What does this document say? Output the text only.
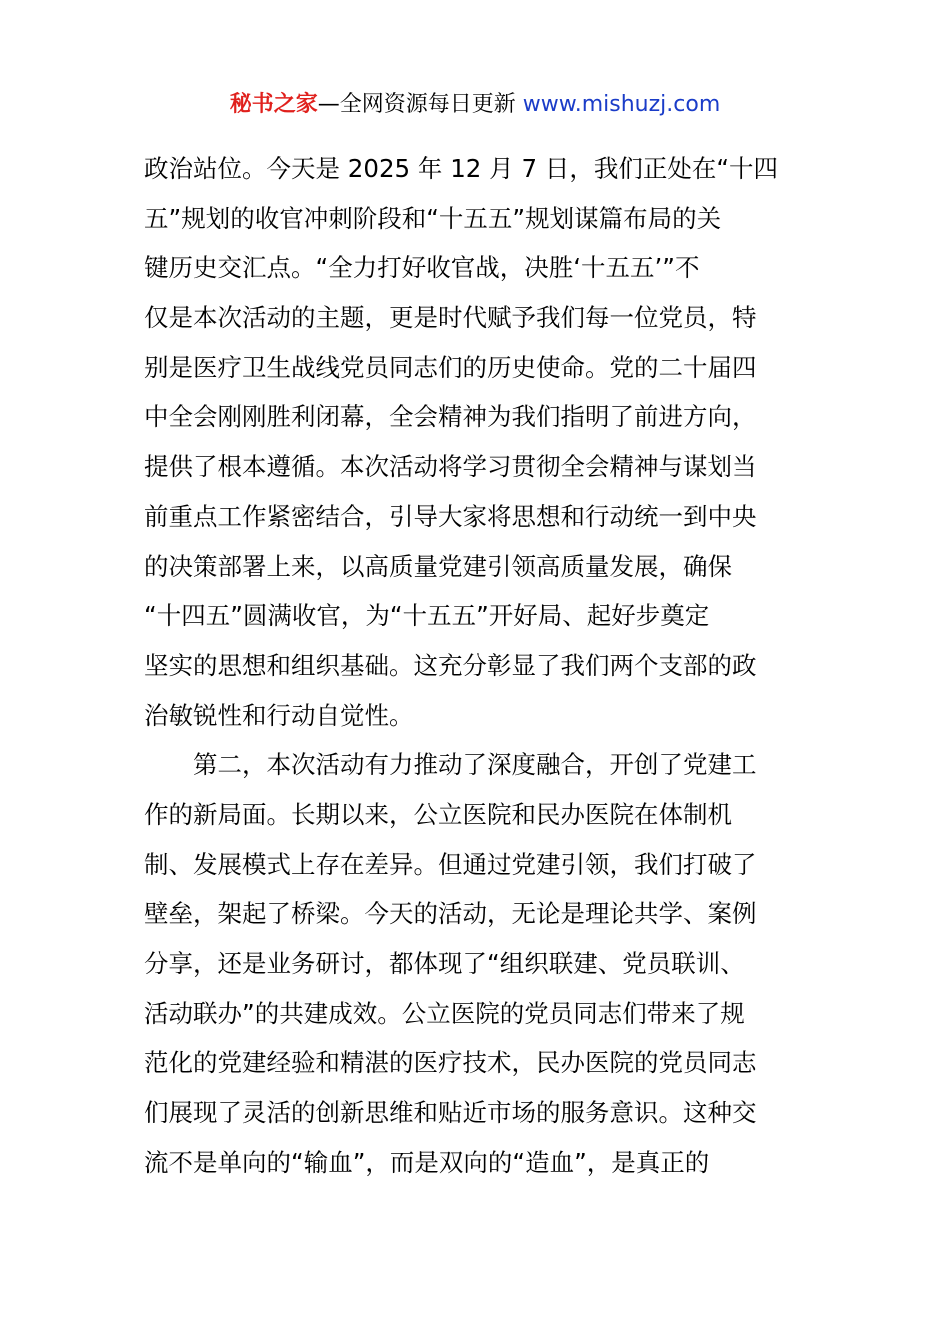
秘书之家—全网资源每日更新 www.mishuzj.com
政治站位。今天是 2025 年 12 月 7 日，我们正处在“十四
五”规划的收官冲刺阶段和“十五五”规划谋篇布局的关
键历史交汇点。“全力打好收官战，决胜‘十五五’”不
仅是本次活动的主题，更是时代赋予我们每一位党员，特
别是医疗卫生战线党员同志们的历史使命。党的二十届四
中全会刚刚胜利闭幕，全会精神为我们指明了前进方向，
提供了根本遵循。本次活动将学习贯彻全会精神与谋划当
前重点工作紧密结合，引导大家将思想和行动统一到中央
的决策部署上来，以高质量党建引领高质量发展，确保
“十四五”圆满收官，为“十五五”开好局、起好步奠定
坚实的思想和组织基础。这充分彰显了我们两个支部的政
治敏锐性和行动自觉性。
第二，本次活动有力推动了深度融合，开创了党建工
作的新局面。长期以来，公立医院和民办医院在体制机
制、发展模式上存在差异。但通过党建引领，我们打破了
壁垒，架起了桥梁。今天的活动，无论是理论共学、案例
分享，还是业务研讨，都体现了“组织联建、党员联训、
活动联办”的共建成效。公立医院的党员同志们带来了规
范化的党建经验和精湛的医疗技术，民办医院的党员同志
们展现了灵活的创新思维和贴近市场的服务意识。这种交
流不是单向的“输血”，而是双向的“造血”，是真正的
